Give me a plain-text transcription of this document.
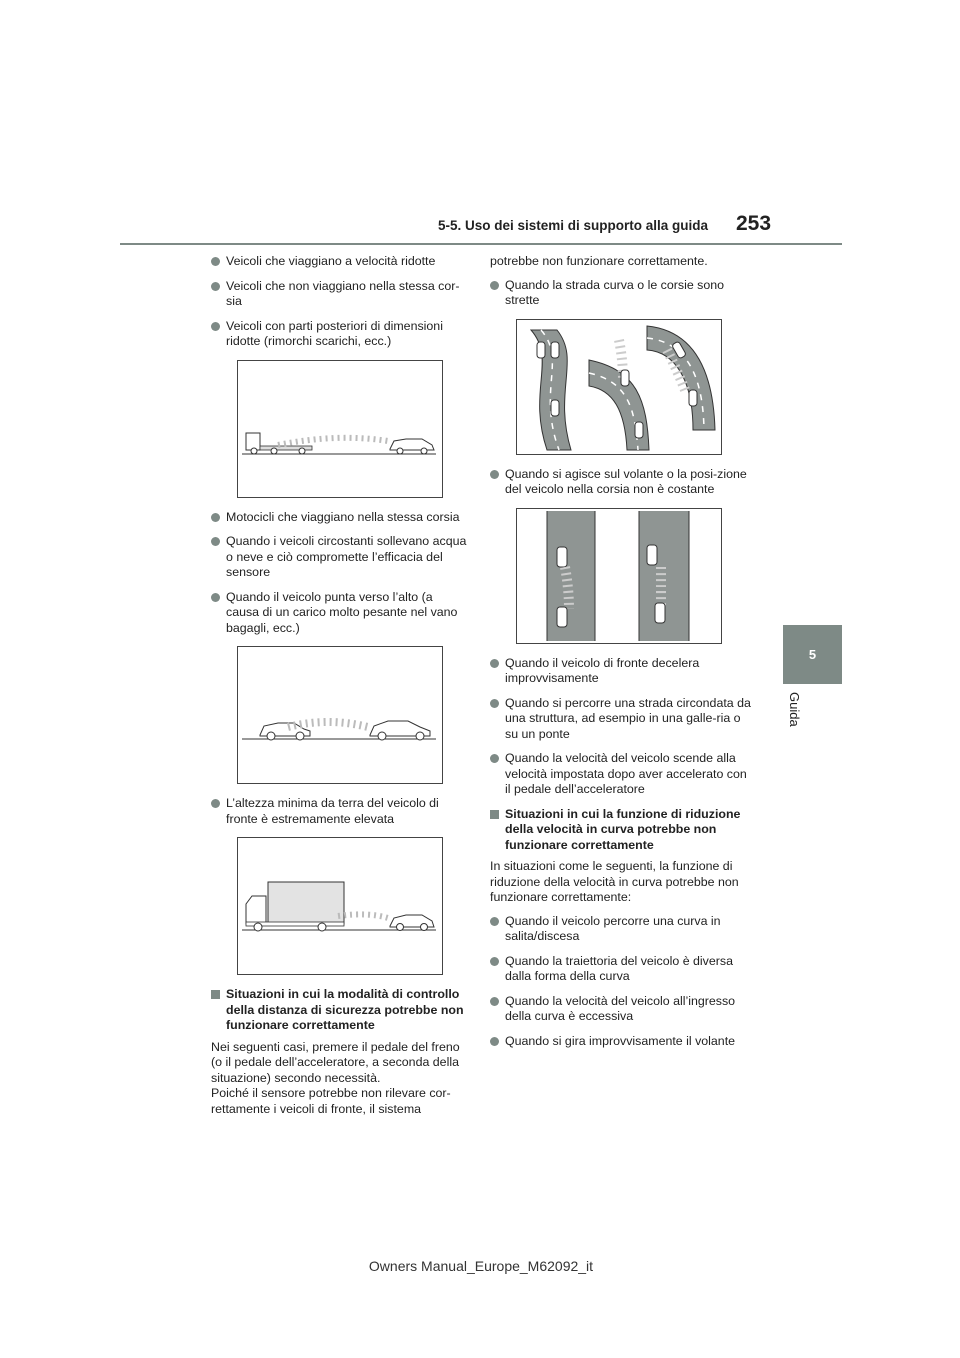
5-5. Uso dei sistemi di supporto alla guida 253
5
Guida
Veicoli che viaggiano a velocità ridotte
Veicoli che non viaggiano nella stessa cor-sia
Veicoli con parti posteriori di dimensioni ridotte (rimorchi scarichi, ecc.)
Motocicli che viaggiano nella stessa corsia
Quando i veicoli circostanti sollevano acqua o neve e ciò compromette l’efficacia del sensore
Quando il veicolo punta verso l’alto (a causa di un carico molto pesante nel vano bagagli, ecc.)
L’altezza minima da terra del veicolo di fronte è estremamente elevata
Situazioni in cui la modalità di controllo della distanza di sicurezza potrebbe non funzionare correttamente
Nei seguenti casi, premere il pedale del freno (o il pedale dell’acceleratore, a seconda della situazione) secondo necessità.
Poiché il sensore potrebbe non rilevare cor-rettamente i veicoli di fronte, il sistema
potrebbe non funzionare correttamente.
Quando la strada curva o le corsie sono strette
Quando si agisce sul volante o la posi-zione del veicolo nella corsia non è costante
Quando il veicolo di fronte decelera improvvisamente
Quando si percorre una strada circondata da una struttura, ad esempio in una galle-ria o su un ponte
Quando la velocità del veicolo scende alla velocità impostata dopo aver accelerato con il pedale dell’acceleratore
Situazioni in cui la funzione di riduzione della velocità in curva potrebbe non funzionare correttamente
In situazioni come le seguenti, la funzione di riduzione della velocità in curva potrebbe non funzionare correttamente:
Quando il veicolo percorre una curva in salita/discesa
Quando la traiettoria del veicolo è diversa dalla forma della curva
Quando la velocità del veicolo all’ingresso della curva è eccessiva
Quando si gira improvvisamente il volante
Owners Manual_Europe_M62092_it
